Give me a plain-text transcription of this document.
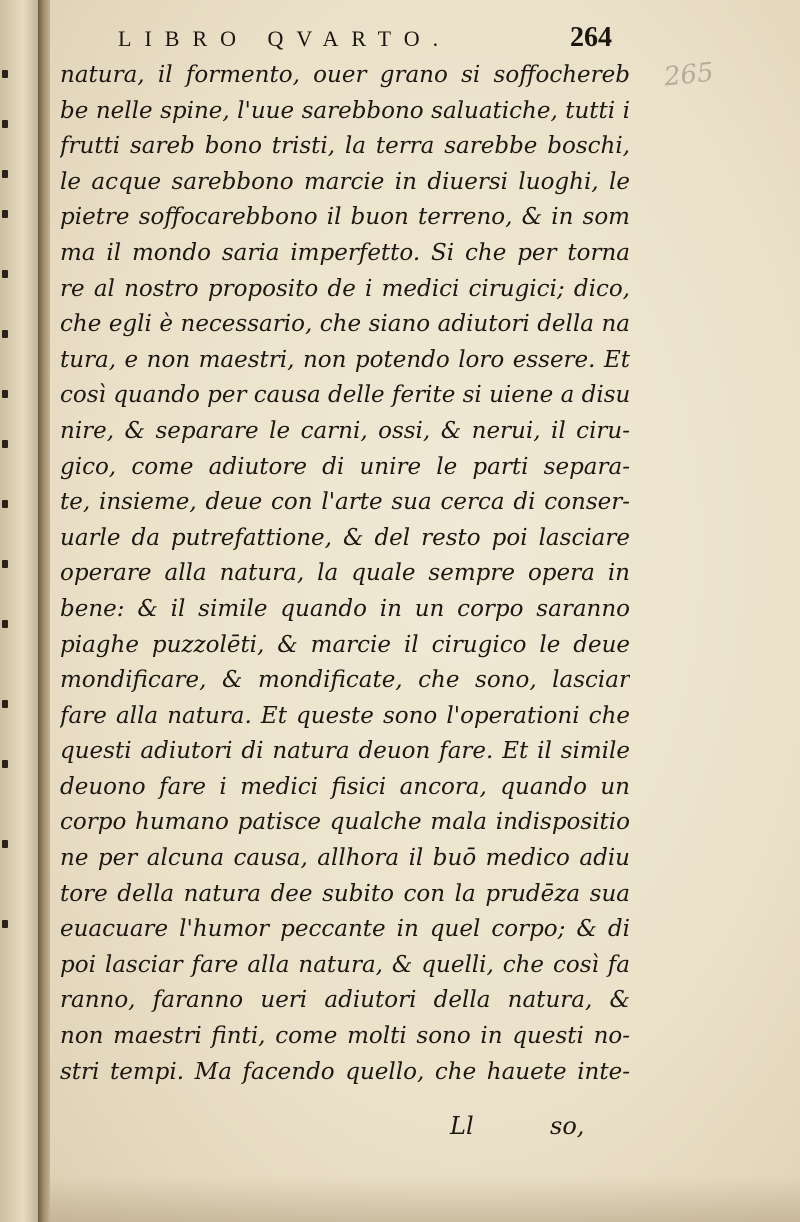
LIBRO QVARTO.	264
265
natura, il formento, ouer grano si soffochereb
be nelle spine, l'uue sarebbono saluatiche, tutti i
frutti sareb bono tristi, la terra sarebbe boschi,
le acque sarebbono marcie in diuersi luoghi, le
pietre soffocarebbono il buon terreno, & in som
ma il mondo saria imperfetto. Si che per torna
re al nostro proposito de i medici cirugici; dico,
che egli è necessario, che siano adiutori della na
tura, e non maestri, non potendo loro essere. Et
così quando per causa delle ferite si uiene a disu
nire, & separare le carni, ossi, & nerui, il ciru-
gico, come adiutore di unire le parti separa-
te, insieme, deue con l'arte sua cerca di conser-
uarle da putrefattione, & del resto poi lasciare
operare alla natura, la quale sempre opera in
bene: & il simile quando in un corpo saranno
piaghe puzzolēti, & marcie il cirugico le deue
mondificare, & mondificate, che sono, lasciar
fare alla natura. Et queste sono l'operationi che
questi adiutori di natura deuon fare. Et il simile
deuono fare i medici fisici ancora, quando un
corpo humano patisce qualche mala indispositio
ne per alcuna causa, allhora il buō medico adiu
tore della natura dee subito con la prudēza sua
euacuare l'humor peccante in quel corpo; & di
poi lasciar fare alla natura, & quelli, che così fa
ranno, faranno ueri adiutori della natura, &
non maestri finti, come molti sono in questi no-
stri tempi. Ma facendo quello, che hauete inte-
Ll	so,
